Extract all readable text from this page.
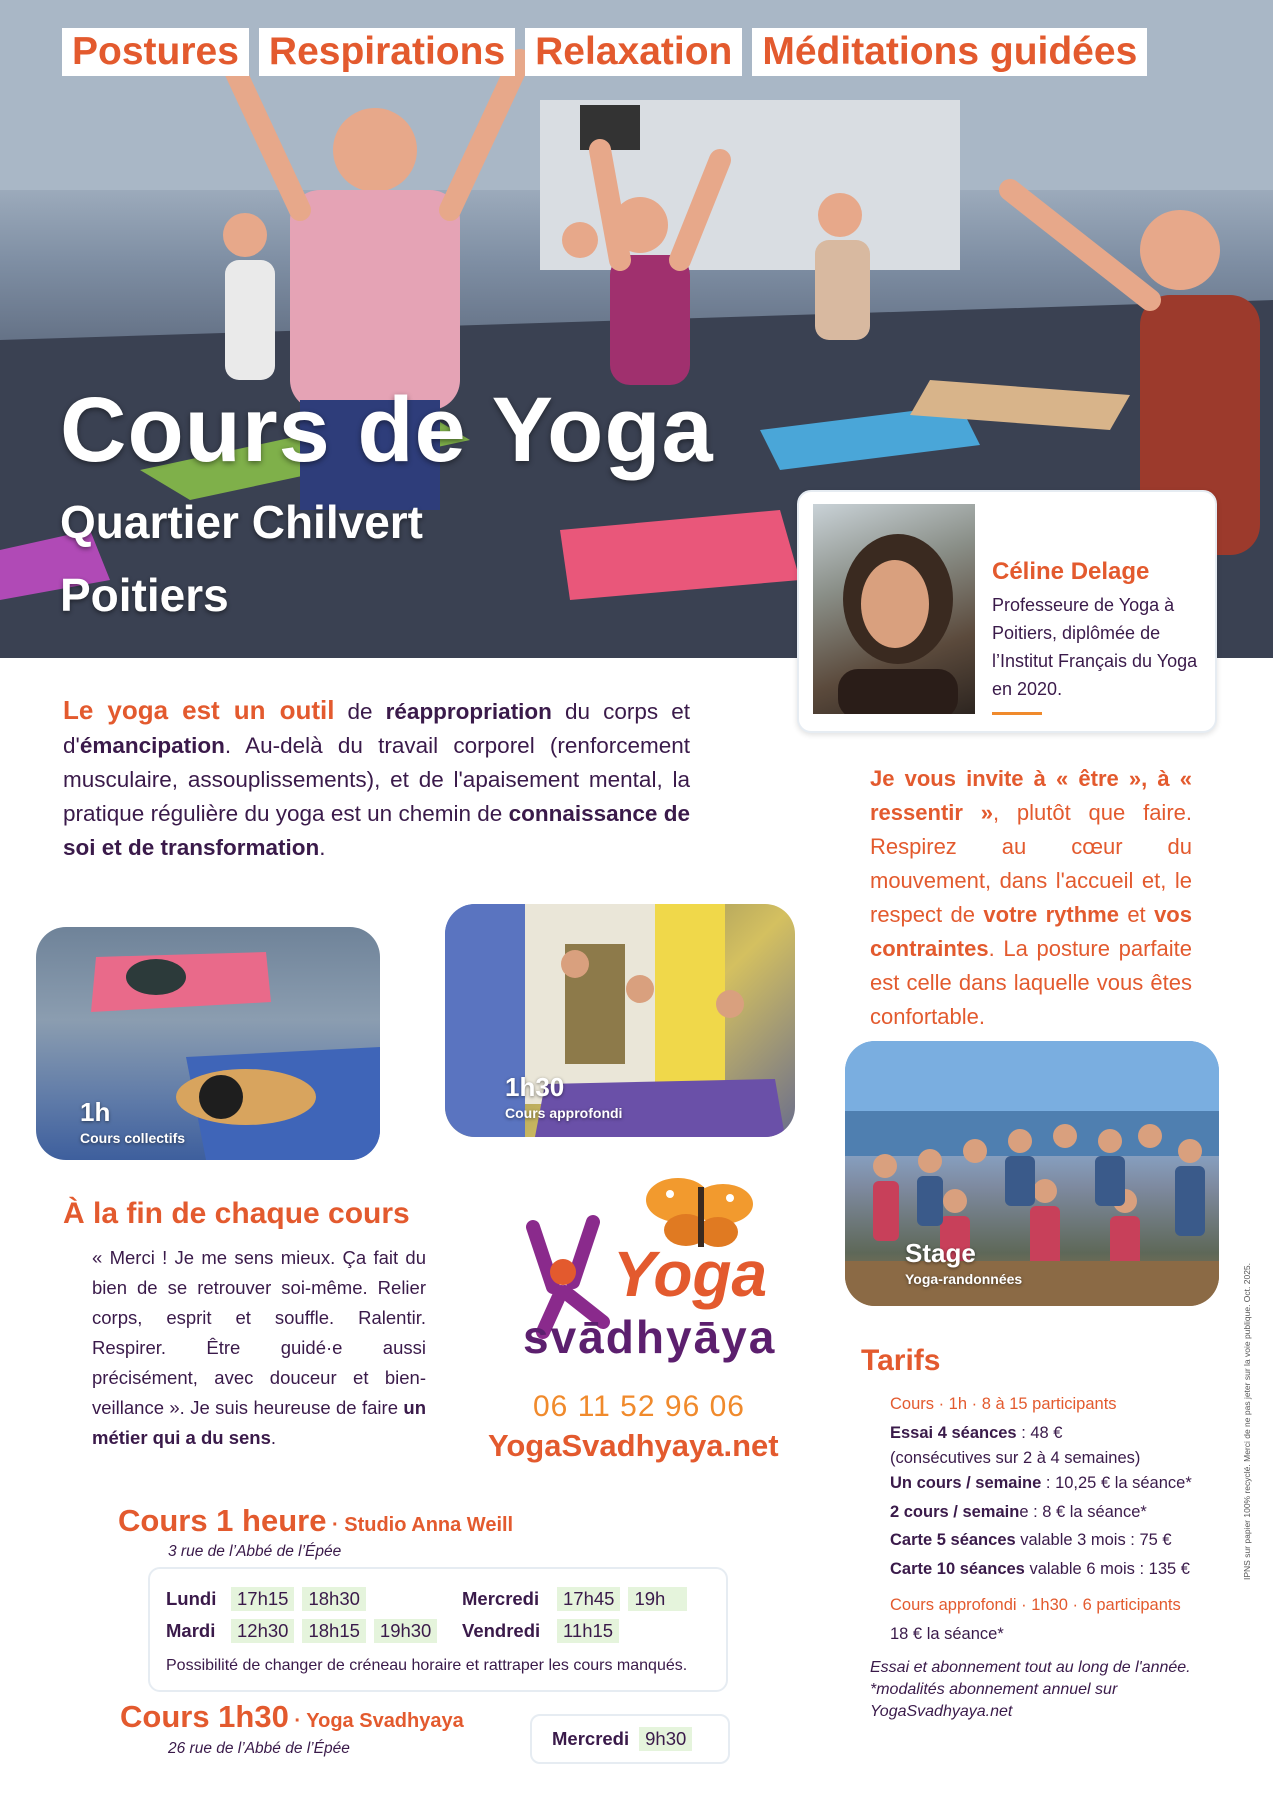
Postures Respirations Relaxation Méditations guidées
Cours de Yoga
Quartier Chilvert
Poitiers	Céline Delage
Professeure de Yoga à Poitiers, diplômée de l’Institut Français du Yoga en 2020.
Le yoga est un outil de réappropriation du corps et d'émancipation. Au-delà du travail corporel (renforcement musculaire, assouplissements), et de l'apaisement mental, la pratique régulière du yoga est un chemin de connaissance de soi et de transformation.
Je vous invite à « être », à « ressentir », plutôt que faire. Respirez au cœur du mouvement, dans l'accueil et, le respect de votre rythme et vos contraintes. La posture parfaite est celle dans laquelle vous êtes confortable.
1h
Cours collectifs
1h30
Cours approfondi
Stage
Yoga-randonnées
À la fin de chaque cours
« Merci ! Je me sens mieux. Ça fait du bien de se retrouver soi-même. Relier corps, esprit et souffle. Ralentir. Respirer. Être guidé·e aussi précisément, avec douceur et bien-veillance ». Je suis heureuse de faire un métier qui a du sens.
Yoga
svādhyāya
06 11 52 96 06
YogaSvadhyaya.net
Tarifs
Cours · 1h · 8 à 15 participants
Essai 4 séances : 48 €
(consécutives sur 2 à 4 semaines)
Un cours / semaine : 10,25 € la séance*
2 cours / semaine : 8 € la séance*
Carte 5 séances valable 3 mois : 75 €
Carte 10 séances valable 6 mois : 135 €
Cours approfondi · 1h30 · 6 participants
18 € la séance*
Essai et abonnement tout au long de l'année.
*modalités abonnement annuel sur
YogaSvadhyaya.net
Cours 1 heure · Studio Anna Weill
3 rue de l’Abbé de l’Épée
Lundi	17h15	18h30
Mardi	12h30	18h15	19h30
Mercredi	17h45	19h
Vendredi	11h15
Possibilité de changer de créneau horaire et rattraper les cours manqués.
Cours 1h30 · Yoga Svadhyaya
26 rue de l’Abbé de l’Épée	Mercredi 9h30
IPNS sur papier 100% recyclé. Merci de ne pas jeter sur la voie publique. Oct. 2025.
